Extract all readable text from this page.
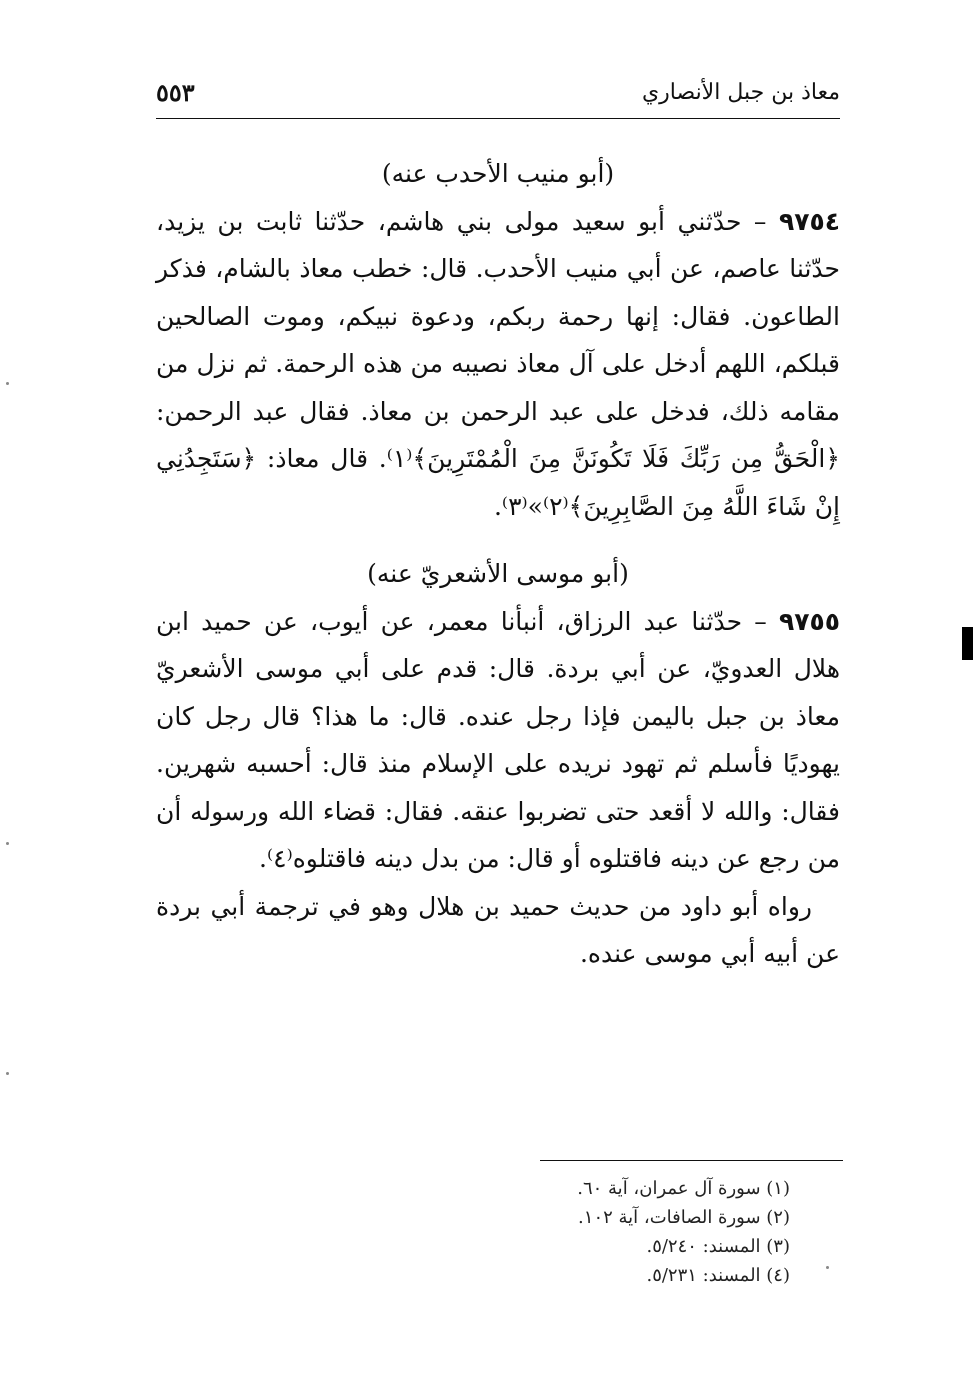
معاذ بن جبل الأنصاري
٥٥٣

(أبو منيب الأحدب عنه)

٩٧٥٤ – حدّثني أبو سعيد مولى بني هاشم، حدّثنا ثابت بن يزيد، حدّثنا عاصم، عن أبي منيب الأحدب. قال: خطب معاذ بالشام، فذكر الطاعون. فقال: إنها رحمة ربكم، ودعوة نبيكم، وموت الصالحين قبلكم، اللهم أدخل على آل معاذ نصيبه من هذه الرحمة. ثم نزل من مقامه ذلك، فدخل على عبد الرحمن بن معاذ. فقال عبد الرحمن: ﴿الْحَقُّ مِن رَبِّكَ فَلَا تَكُونَنَّ مِنَ الْمُمْتَرِينَ﴾⁽١⁾. قال معاذ: ﴿سَتَجِدُنِي إِنْ شَاءَ اللَّهُ مِنَ الصَّابِرِينَ﴾⁽٢⁾»⁽٣⁾.

(أبو موسى الأشعريّ عنه)

٩٧٥٥ – حدّثنا عبد الرزاق، أنبأنا معمر، عن أيوب، عن حميد ابن هلال العدويّ، عن أبي بردة. قال: قدم على أبي موسى الأشعريّ معاذ بن جبل باليمن فإذا رجل عنده. قال: ما هذا؟ قال رجل كان يهوديًا فأسلم ثم تهود نريده على الإسلام منذ قال: أحسبه شهرين. فقال: والله لا أقعد حتى تضربوا عنقه. فقال: قضاء الله ورسوله أن من رجع عن دينه فاقتلوه أو قال: من بدل دينه فاقتلوه⁽٤⁾.

رواه أبو داود من حديث حميد بن هلال وهو في ترجمة أبي بردة عن أبيه أبي موسى عنده.

(١) سورة آل عمران، آية ٦٠.

(٢) سورة الصافات، آية ١٠٢.

(٣) المسند: ٥/٢٤٠.

(٤) المسند: ٥/٢٣١.
